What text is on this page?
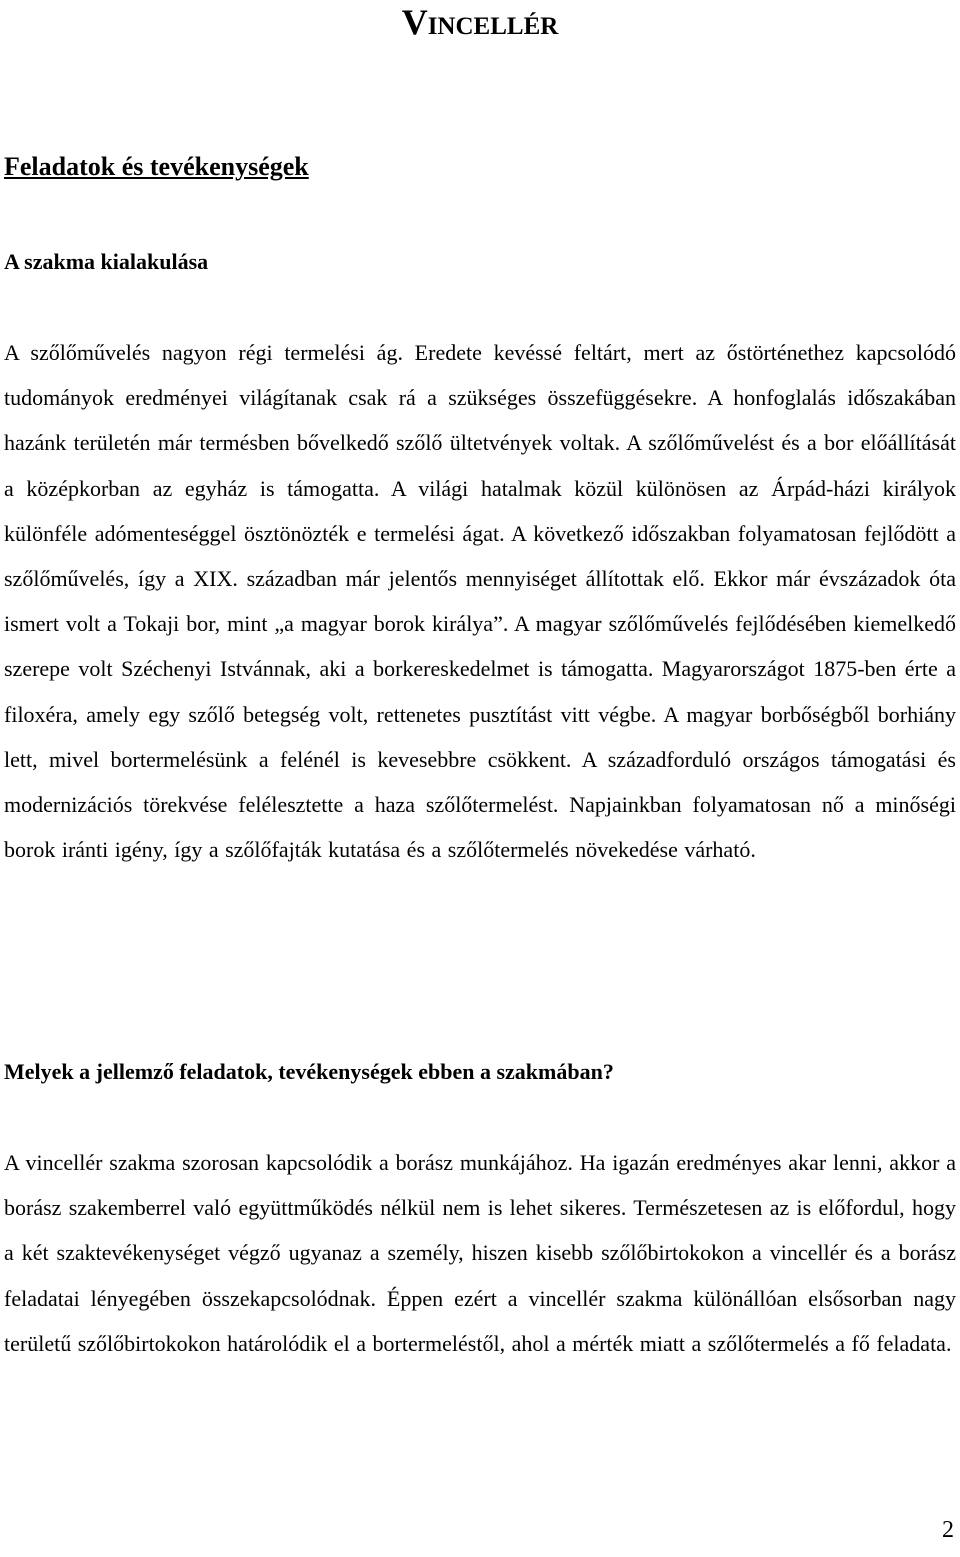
Vincellér
Feladatok és tevékenységek
A szakma kialakulása

A szőlőművelés nagyon régi termelési ág. Eredete kevéssé feltárt, mert az őstörténethez kapcsolódó tudományok eredményei világítanak csak rá a szükséges összefüggésekre. A honfoglalás időszakában hazánk területén már termésben bővelkedő szőlő ültetvények voltak. A szőlőművelést és a bor előállítását a középkorban az egyház is támogatta. A világi hatalmak közül különösen az Árpád-házi királyok különféle adómenteséggel ösztönözték e termelési ágat. A következő időszakban folyamatosan fejlődött a szőlőművelés, így a XIX. században már jelentős mennyiséget állítottak elő. Ekkor már évszázadok óta ismert volt a Tokaji bor, mint „a magyar borok királya”. A magyar szőlőművelés fejlődésében kiemelkedő szerepe volt Széchenyi Istvánnak, aki a borkereskedelmet is támogatta. Magyarországot 1875-ben érte a filoxéra, amely egy szőlő betegség volt, rettenetes pusztítást vitt végbe. A magyar borbőségből borhiány lett, mivel bortermelésünk a felénél is kevesebbre csökkent. A századforduló országos támogatási és modernizációs törekvése felélesztette a haza szőlőtermelést. Napjainkban folyamatosan nő a minőségi borok iránti igény, így a szőlőfajták kutatása és a szőlőtermelés növekedése várható.

Melyek a jellemző feladatok, tevékenységek ebben a szakmában?

A vincellér szakma szorosan kapcsolódik a borász munkájához. Ha igazán eredményes akar lenni, akkor a borász szakemberrel való együttműködés nélkül nem is lehet sikeres. Természetesen az is előfordul, hogy a két szaktevékenységet végző ugyanaz a személy, hiszen kisebb szőlőbirtokokon a vincellér és a borász feladatai lényegében összekapcsolódnak. Éppen ezért a vincellér szakma különállóan elsősorban nagy területű szőlőbirtokokon határolódik el a bortermeléstől, ahol a mérték miatt a szőlőtermelés a fő feladata.

2
